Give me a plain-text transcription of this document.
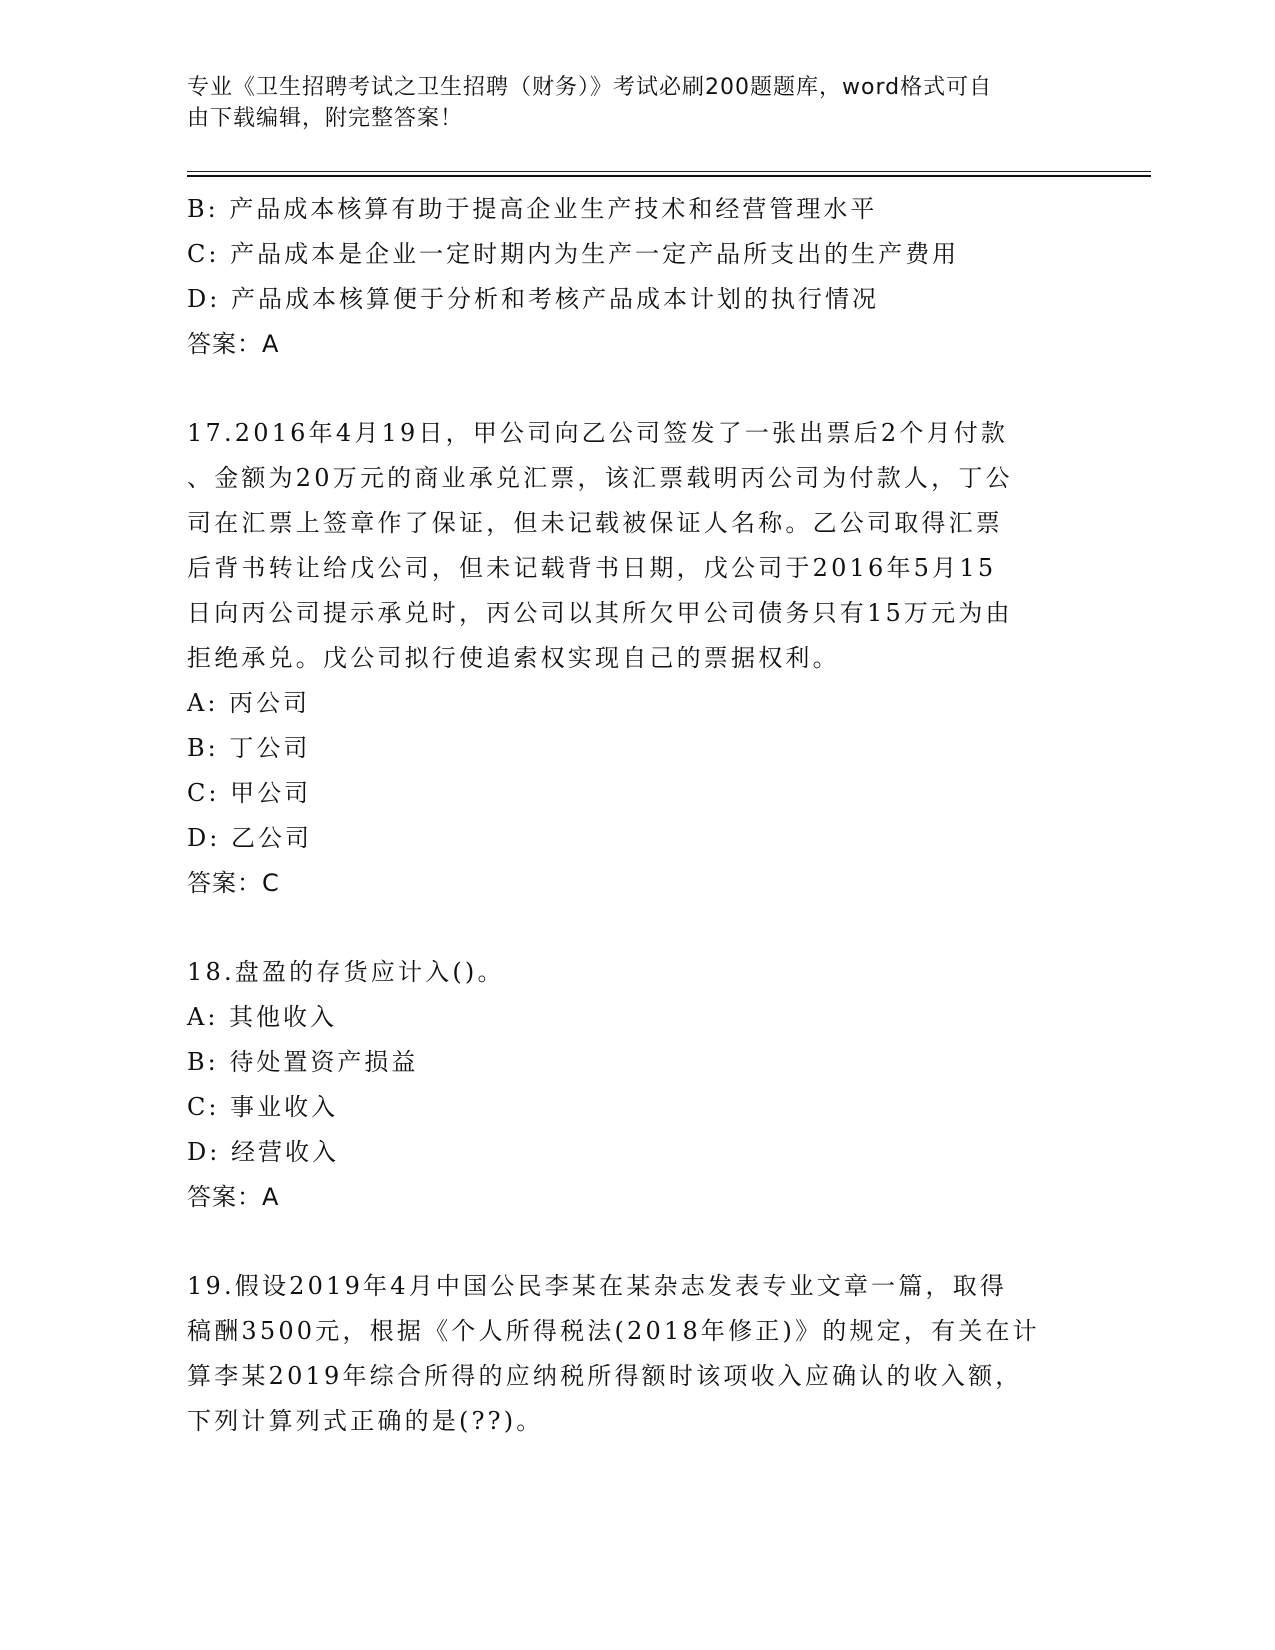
专业《卫生招聘考试之卫生招聘（财务）》考试必刷200题题库，word格式可自
由下载编辑，附完整答案！
B: 产品成本核算有助于提高企业生产技术和经营管理水平
C: 产品成本是企业一定时期内为生产一定产品所支出的生产费用
D: 产品成本核算便于分析和考核产品成本计划的执行情况
答案：A
17.2016年4月19日，甲公司向乙公司签发了一张出票后2个月付款
、金额为20万元的商业承兑汇票，该汇票载明丙公司为付款人，丁公
司在汇票上签章作了保证，但未记载被保证人名称。乙公司取得汇票
后背书转让给戊公司，但未记载背书日期，戊公司于2016年5月15
日向丙公司提示承兑时，丙公司以其所欠甲公司债务只有15万元为由
拒绝承兑。戊公司拟行使追索权实现自己的票据权利。
A: 丙公司
B: 丁公司
C: 甲公司
D: 乙公司
答案：C
18.盘盈的存货应计入()。
A: 其他收入
B: 待处置资产损益
C: 事业收入
D: 经营收入
答案：A
19.假设2019年4月中国公民李某在某杂志发表专业文章一篇，取得
稿酬3500元，根据《个人所得税法(2018年修正)》的规定，有关在计
算李某2019年综合所得的应纳税所得额时该项收入应确认的收入额，
下列计算列式正确的是(??)。
